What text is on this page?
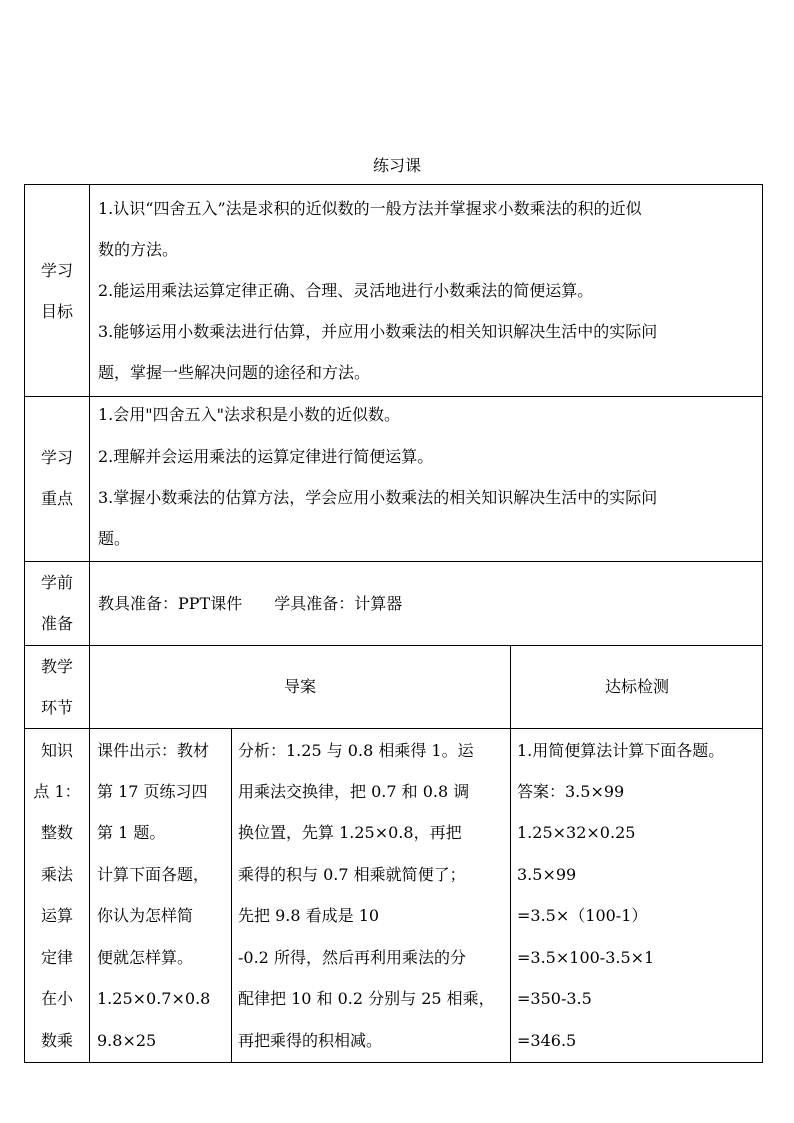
练习课
学习
目标
1.认识“四舍五入”法是求积的近似数的一般方法并掌握求小数乘法的积的近似
数的方法。
2.能运用乘法运算定律正确、合理、灵活地进行小数乘法的简便运算。
3.能够运用小数乘法进行估算，并应用小数乘法的相关知识解决生活中的实际问
题，掌握一些解决问题的途径和方法。
学习
重点
1.会用"四舍五入"法求积是小数的近似数。
2.理解并会运用乘法的运算定律进行简便运算。
3.掌握小数乘法的估算方法，学会应用小数乘法的相关知识解决生活中的实际问
题。
学前
准备
教具准备：PPT课件　　学具准备：计算器
教学
环节
导案	达标检测
知识
点 1：
整数
乘法
运算
定律
在小
数乘
课件出示：教材
第 17 页练习四
第 1 题。
计算下面各题，
你认为怎样简
便就怎样算。
1.25×0.7×0.8
9.8×25
分析：1.25 与 0.8 相乘得 1。运
用乘法交换律，把 0.7 和 0.8 调
换位置，先算 1.25×0.8，再把
乘得的积与 0.7 相乘就简便了；
先把 9.8 看成是 10
-0.2 所得，然后再利用乘法的分
配律把 10 和 0.2 分别与 25 相乘，
再把乘得的积相减。
1.用简便算法计算下面各题。
答案：3.5×99
1.25×32×0.25
3.5×99
=3.5×（100-1）
=3.5×100-3.5×1
=350-3.5
=346.5
